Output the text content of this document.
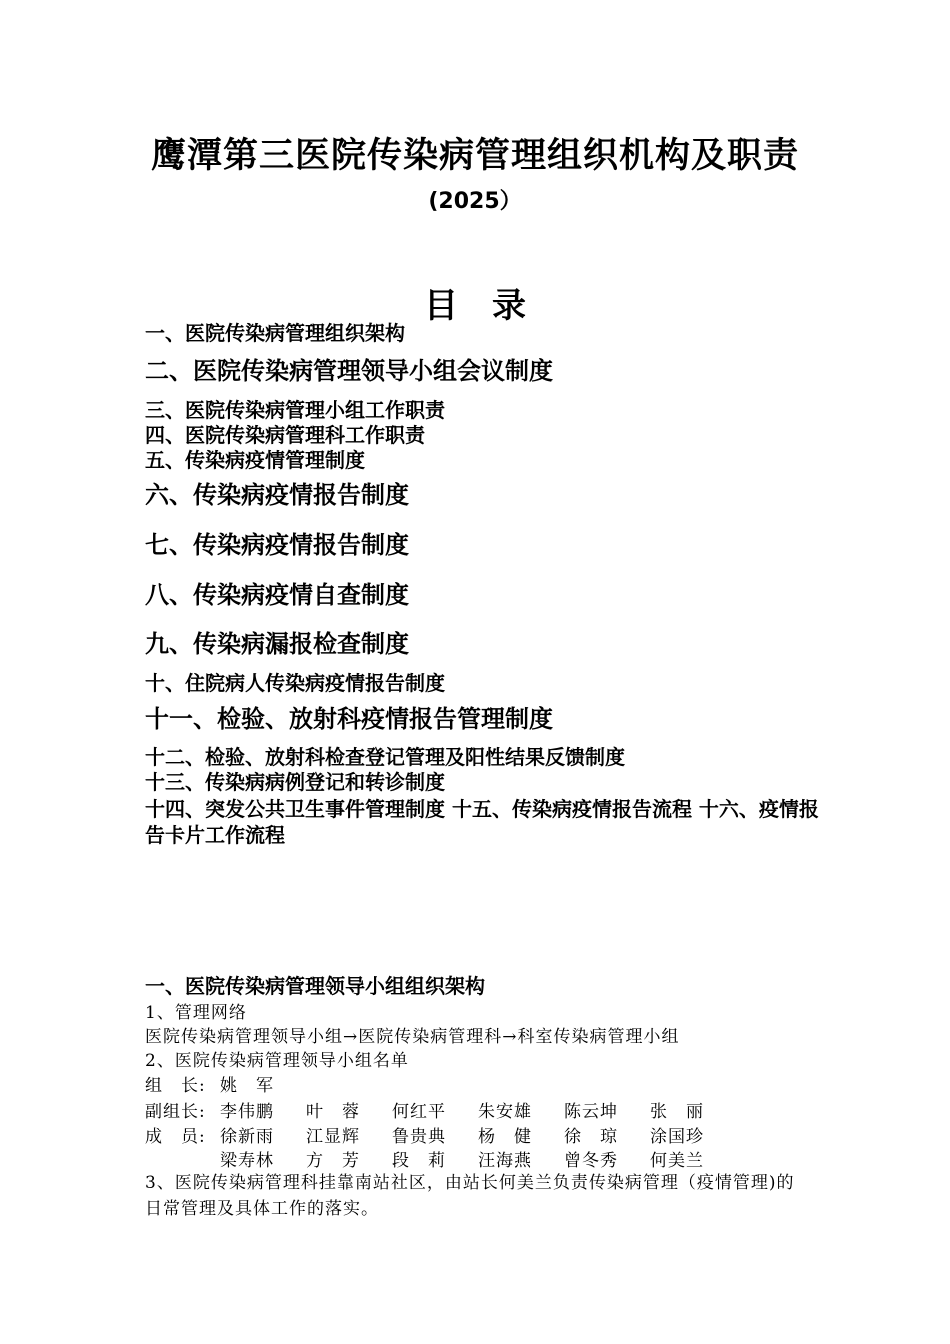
鹰潭第三医院传染病管理组织机构及职责
(2025）
目　录
一、医院传染病管理组织架构
二、医院传染病管理领导小组会议制度
三、医院传染病管理小组工作职责
四、医院传染病管理科工作职责
五、传染病疫情管理制度
六、传染病疫情报告制度
七、传染病疫情报告制度
八、传染病疫情自查制度
九、传染病漏报检查制度
十、住院病人传染病疫情报告制度
十一、检验、放射科疫情报告管理制度
十二、检验、放射科检查登记管理及阳性结果反馈制度
十三、传染病病例登记和转诊制度
十四、突发公共卫生事件管理制度 十五、传染病疫情报告流程 十六、疫情报告卡片工作流程
一、医院传染病管理领导小组组织架构
1、管理网络
医院传染病管理领导小组→医院传染病管理科→科室传染病管理小组
2、医院传染病管理领导小组名单
组　长: 姚　军
副组长: 李伟鹏 叶　蓉 何红平 朱安雄 陈云坤 张　丽
成　员: 徐新雨 江显辉 鲁贵典 杨　健 徐　琼 涂国珍
梁寿林 方　芳 段　莉 汪海燕 曾冬秀 何美兰
3、医院传染病管理科挂靠南站社区，由站长何美兰负责传染病管理（疫情管理)的日常管理及具体工作的落实。
